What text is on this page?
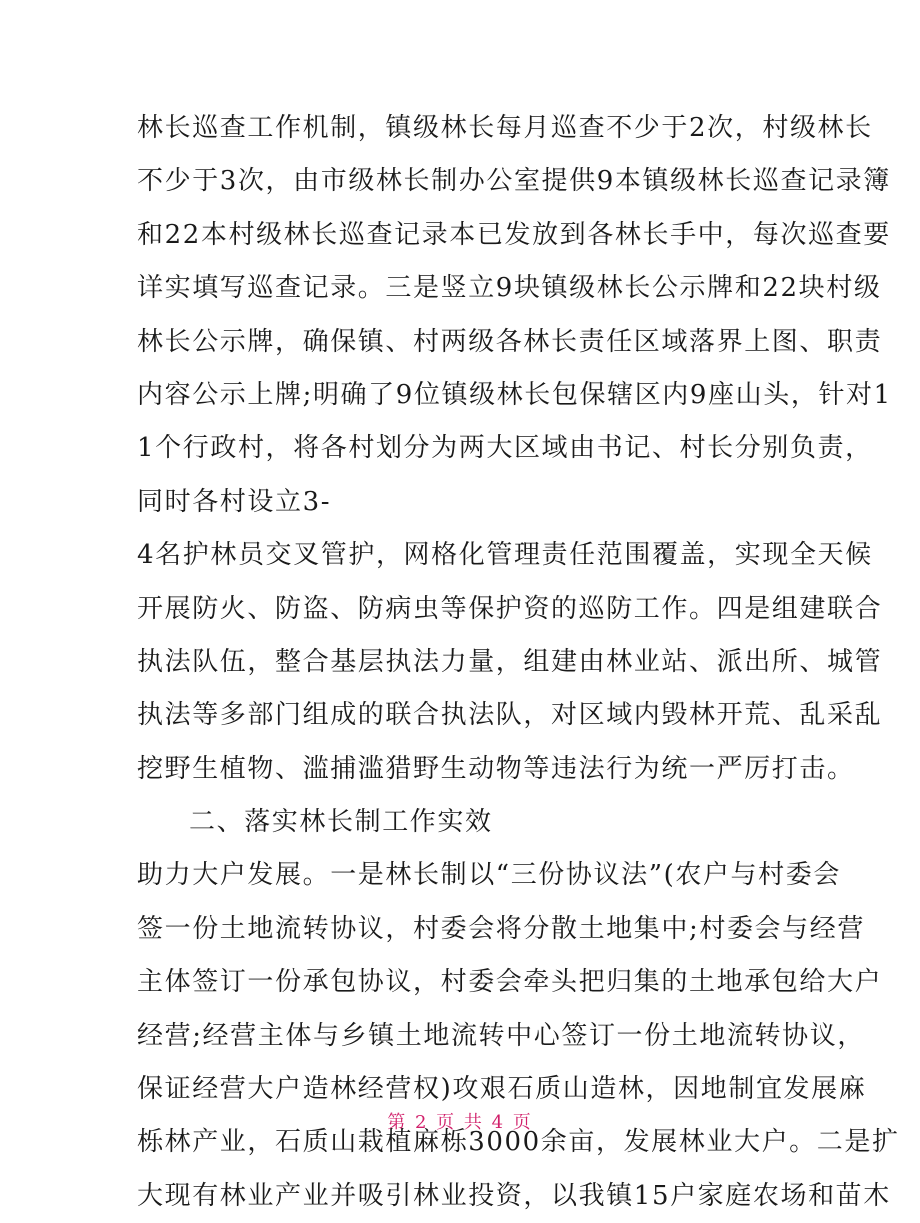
林长巡查工作机制，镇级林长每月巡查不少于2次，村级林长
不少于3次，由市级林长制办公室提供9本镇级林长巡查记录簿
和22本村级林长巡查记录本已发放到各林长手中，每次巡查要
详实填写巡查记录。三是竖立9块镇级林长公示牌和22块村级
林长公示牌，确保镇、村两级各林长责任区域落界上图、职责
内容公示上牌;明确了9位镇级林长包保辖区内9座山头，针对1
1个行政村，将各村划分为两大区域由书记、村长分别负责，
同时各村设立3-
4名护林员交叉管护，网格化管理责任范围覆盖，实现全天候
开展防火、防盗、防病虫等保护资的巡防工作。四是组建联合
执法队伍，整合基层执法力量，组建由林业站、派出所、城管
执法等多部门组成的联合执法队，对区域内毁林开荒、乱采乱
挖野生植物、滥捕滥猎野生动物等违法行为统一严厉打击。
二、落实林长制工作实效
助力大户发展。一是林长制以“三份协议法”(农户与村委会
签一份土地流转协议，村委会将分散土地集中;村委会与经营
主体签订一份承包协议，村委会牵头把归集的土地承包给大户
经营;经营主体与乡镇土地流转中心签订一份土地流转协议，
保证经营大户造林经营权)攻艰石质山造林，因地制宜发展麻
栎林产业，石质山栽植麻栎3000余亩，发展林业大户。二是扩
大现有林业产业并吸引林业投资，以我镇15户家庭农场和苗木
第 2 页 共 4 页
